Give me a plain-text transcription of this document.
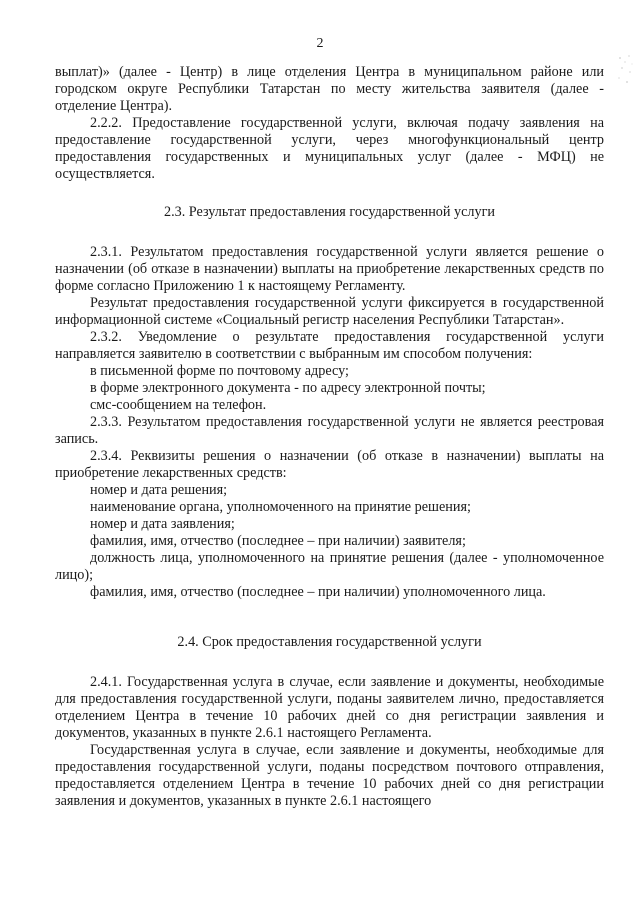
2

выплат)» (далее - Центр) в лице отделения Центра в муниципальном районе или городском округе Республики Татарстан по месту жительства заявителя (далее - отделение Центра).

2.2.2. Предоставление государственной услуги, включая подачу заявления на предоставление государственной услуги, через многофункциональный центр предоставления государственных и муниципальных услуг (далее - МФЦ) не осуществляется.

2.3. Результат предоставления государственной услуги

2.3.1. Результатом предоставления государственной услуги является решение о назначении (об отказе в назначении) выплаты на приобретение лекарственных средств по форме согласно Приложению 1 к настоящему Регламенту.

Результат предоставления государственной услуги фиксируется в государственной информационной системе «Социальный регистр населения Республики Татарстан».

2.3.2. Уведомление о результате предоставления государственной услуги направляется заявителю в соответствии с выбранным им способом получения:

в письменной форме по почтовому адресу;

в форме электронного документа - по адресу электронной почты;

смс-сообщением на телефон.

2.3.3. Результатом предоставления государственной услуги не является реестровая запись.

2.3.4. Реквизиты решения о назначении (об отказе в назначении) выплаты на приобретение лекарственных средств:

номер и дата решения;

наименование органа, уполномоченного на принятие решения;

номер и дата заявления;

фамилия, имя, отчество (последнее – при наличии) заявителя;

должность лица, уполномоченного на принятие решения (далее - уполномоченное лицо);

фамилия, имя, отчество (последнее – при наличии) уполномоченного лица.

2.4. Срок предоставления государственной услуги

2.4.1. Государственная услуга в случае, если заявление и документы, необходимые для предоставления государственной услуги, поданы заявителем лично, предоставляется отделением Центра в течение 10 рабочих дней со дня регистрации заявления и документов, указанных в пункте 2.6.1 настоящего Регламента.

Государственная услуга в случае, если заявление и документы, необходимые для предоставления государственной услуги, поданы посредством почтового отправления, предоставляется отделением Центра в течение 10 рабочих дней со дня регистрации заявления и документов, указанных в пункте 2.6.1 настоящего
